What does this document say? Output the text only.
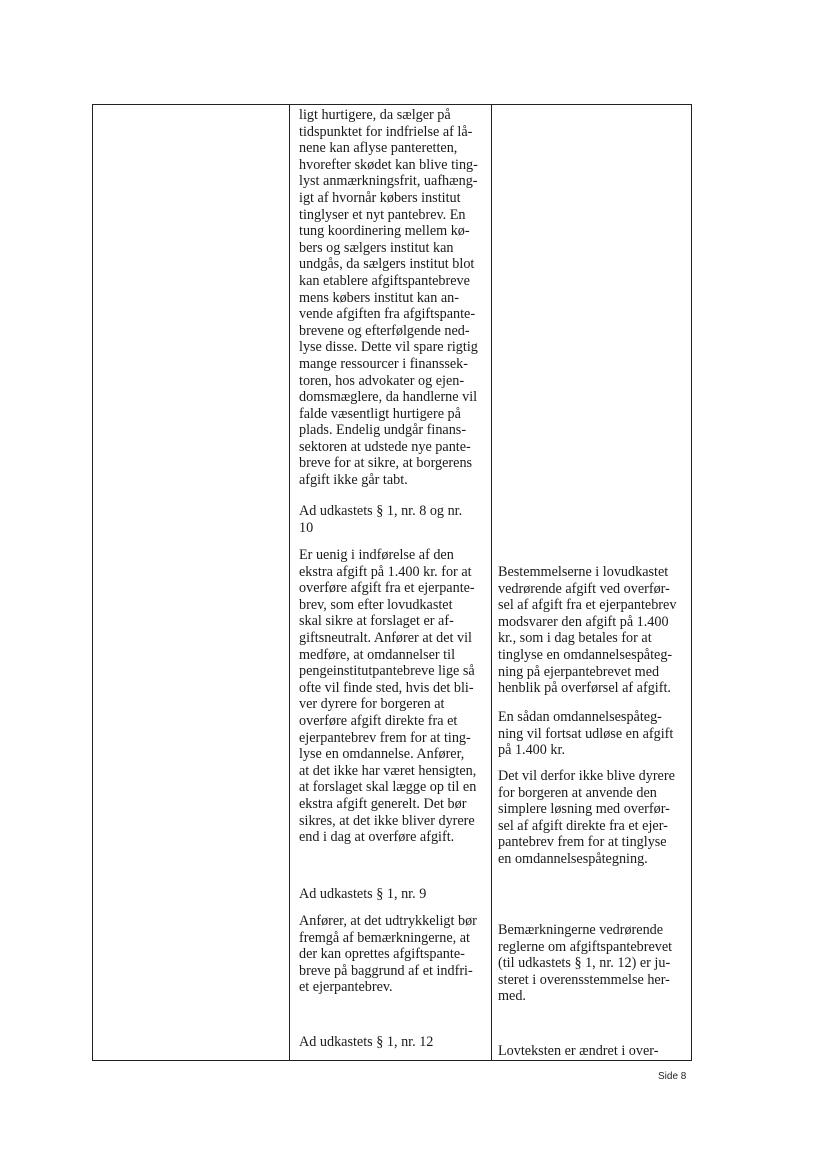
ligt hurtigere, da sælger på
tidspunktet for indfrielse af lå-
nene kan aflyse panteretten,
hvorefter skødet kan blive ting-
lyst anmærkningsfrit, uafhæng-
igt af hvornår købers institut
tinglyser et nyt pantebrev. En
tung koordinering mellem kø-
bers og sælgers institut kan
undgås, da sælgers institut blot
kan etablere afgiftspantebreve
mens købers institut kan an-
vende afgiften fra afgiftspante-
brevene og efterfølgende ned-
lyse disse. Dette vil spare rigtig
mange ressourcer i finanssek-
toren, hos advokater og ejen-
domsmæglere, da handlerne vil
falde væsentligt hurtigere på
plads. Endelig undgår finans-
sektoren at udstede nye pante-
breve for at sikre, at borgerens
afgift ikke går tabt.
Ad udkastets § 1, nr. 8 og nr.
10
Er uenig i indførelse af den
ekstra afgift på 1.400 kr. for at
overføre afgift fra et ejerpante-
brev, som efter lovudkastet
skal sikre at forslaget er af-
giftsneutralt. Anfører at det vil
medføre, at omdannelser til
pengeinstitutpantebreve lige så
ofte vil finde sted, hvis det bli-
ver dyrere for borgeren at
overføre afgift direkte fra et
ejerpantebrev frem for at ting-
lyse en omdannelse. Anfører,
at det ikke har været hensigten,
at forslaget skal lægge op til en
ekstra afgift generelt. Det bør
sikres, at det ikke bliver dyrere
end i dag at overføre afgift.
Ad udkastets § 1, nr. 9
Anfører, at det udtrykkeligt bør
fremgå af bemærkningerne, at
der kan oprettes afgiftspante-
breve på baggrund af et indfri-
et ejerpantebrev.
Ad udkastets § 1, nr. 12
Bestemmelserne i lovudkastet
vedrørende afgift ved overfør-
sel af afgift fra et ejerpantebrev
modsvarer den afgift på 1.400
kr., som i dag betales for at
tinglyse en omdannelsespåteg-
ning på ejerpantebrevet med
henblik på overførsel af afgift.
En sådan omdannelsespåteg-
ning vil fortsat udløse en afgift
på 1.400 kr.
Det vil derfor ikke blive dyrere
for borgeren at anvende den
simplere løsning med overfør-
sel af afgift direkte fra et ejer-
pantebrev frem for at tinglyse
en omdannelsespåtegning.
Bemærkningerne vedrørende
reglerne om afgiftspantebrevet
(til udkastets § 1, nr. 12) er ju-
steret i overensstemmelse her-
med.
Lovteksten er ændret i over-
Side 8
